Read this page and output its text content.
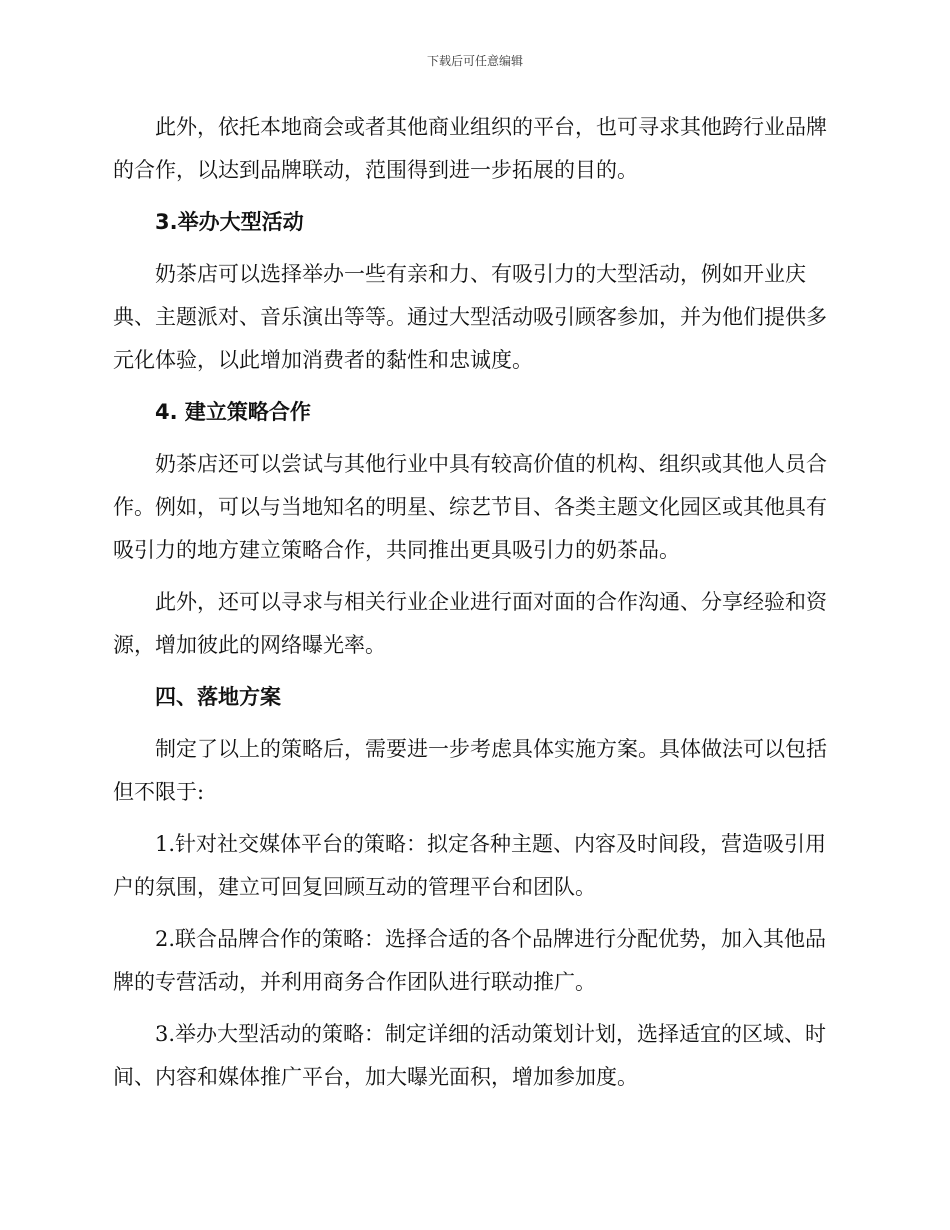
下载后可任意编辑

此外，依托本地商会或者其他商业组织的平台，也可寻求其他跨行业品牌的合作，以达到品牌联动，范围得到进一步拓展的目的。

3.举办大型活动

奶茶店可以选择举办一些有亲和力、有吸引力的大型活动，例如开业庆典、主题派对、音乐演出等等。通过大型活动吸引顾客参加，并为他们提供多元化体验，以此增加消费者的黏性和忠诚度。

4. 建立策略合作

奶茶店还可以尝试与其他行业中具有较高价值的机构、组织或其他人员合作。例如，可以与当地知名的明星、综艺节目、各类主题文化园区或其他具有吸引力的地方建立策略合作，共同推出更具吸引力的奶茶品。

此外，还可以寻求与相关行业企业进行面对面的合作沟通、分享经验和资源，增加彼此的网络曝光率。

四、落地方案

制定了以上的策略后，需要进一步考虑具体实施方案。具体做法可以包括但不限于:

1.针对社交媒体平台的策略：拟定各种主题、内容及时间段，营造吸引用户的氛围，建立可回复回顾互动的管理平台和团队。

2.联合品牌合作的策略：选择合适的各个品牌进行分配优势，加入其他品牌的专营活动，并利用商务合作团队进行联动推广。

3.举办大型活动的策略：制定详细的活动策划计划，选择适宜的区域、时间、内容和媒体推广平台，加大曝光面积，增加参加度。
